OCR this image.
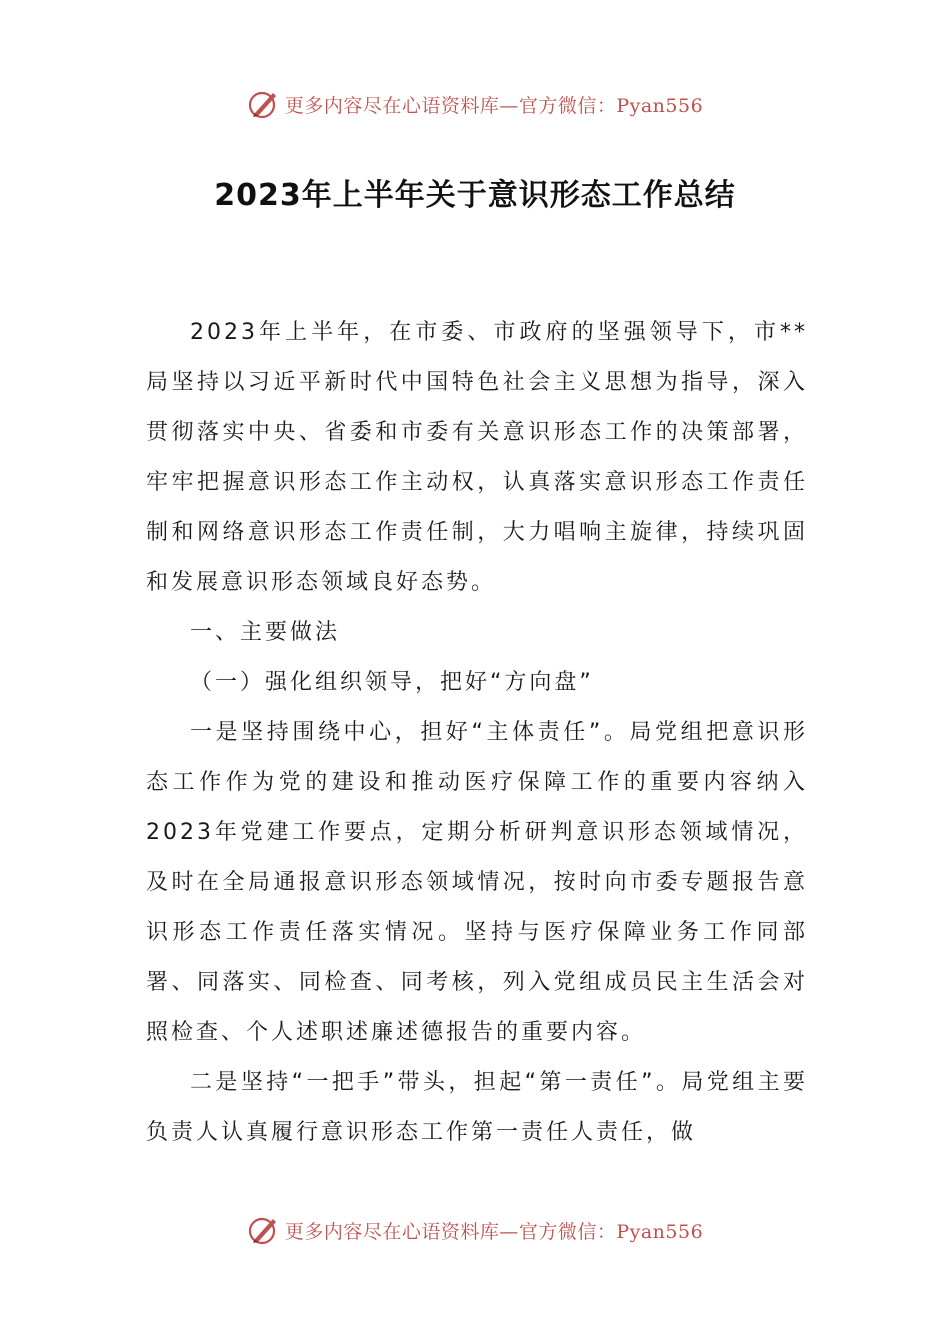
更多内容尽在心语资料库—官方微信：Pyan556
2023年上半年关于意识形态工作总结

2023年上半年，在市委、市政府的坚强领导下，市**局坚持以习近平新时代中国特色社会主义思想为指导，深入贯彻落实中央、省委和市委有关意识形态工作的决策部署，牢牢把握意识形态工作主动权，认真落实意识形态工作责任制和网络意识形态工作责任制，大力唱响主旋律，持续巩固和发展意识形态领域良好态势。

一、主要做法

（一）强化组织领导，把好“方向盘”

一是坚持围绕中心，担好“主体责任”。局党组把意识形态工作作为党的建设和推动医疗保障工作的重要内容纳入2023年党建工作要点，定期分析研判意识形态领域情况，及时在全局通报意识形态领域情况，按时向市委专题报告意识形态工作责任落实情况。坚持与医疗保障业务工作同部署、同落实、同检查、同考核，列入党组成员民主生活会对照检查、个人述职述廉述德报告的重要内容。

二是坚持“一把手”带头，担起“第一责任”。局党组主要负责人认真履行意识形态工作第一责任人责任，做

更多内容尽在心语资料库—官方微信：Pyan556
